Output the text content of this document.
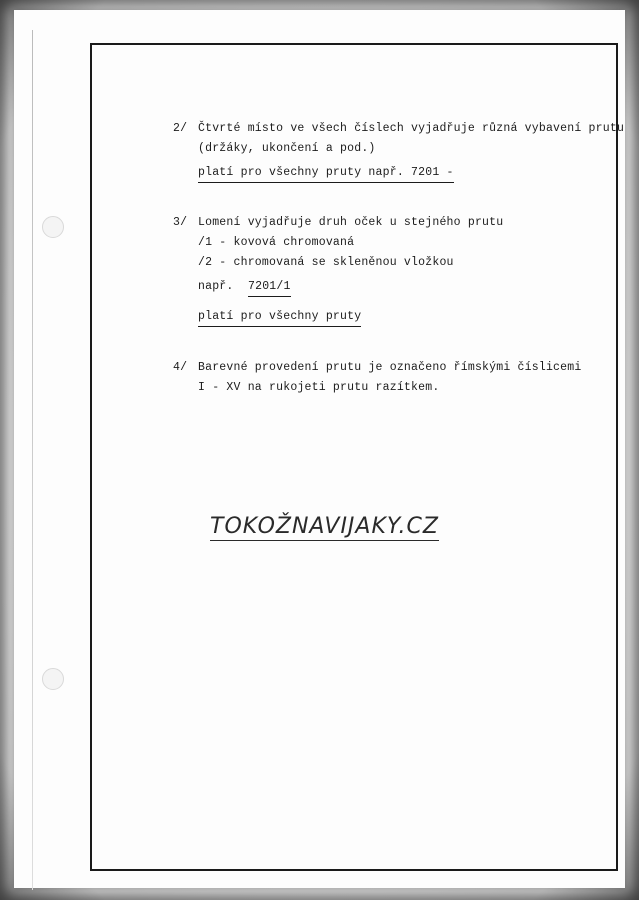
2/ Čtvrté místo ve všech číslech vyjadřuje různá vybavení prutu
(držáky, ukončení a pod.)
platí pro všechny pruty např. 7201 -
3/ Lomení vyjadřuje druh oček u stejného prutu
/1 - kovová chromovaná
/2 - chromovaná se skleněnou vložkou
např. 7201/1
platí pro všechny pruty
4/ Barevné provedení prutu je označeno římskými číslicemi
I - XV na rukojeti prutu razítkem.
TOKOŽNAVIJAKY.CZ
